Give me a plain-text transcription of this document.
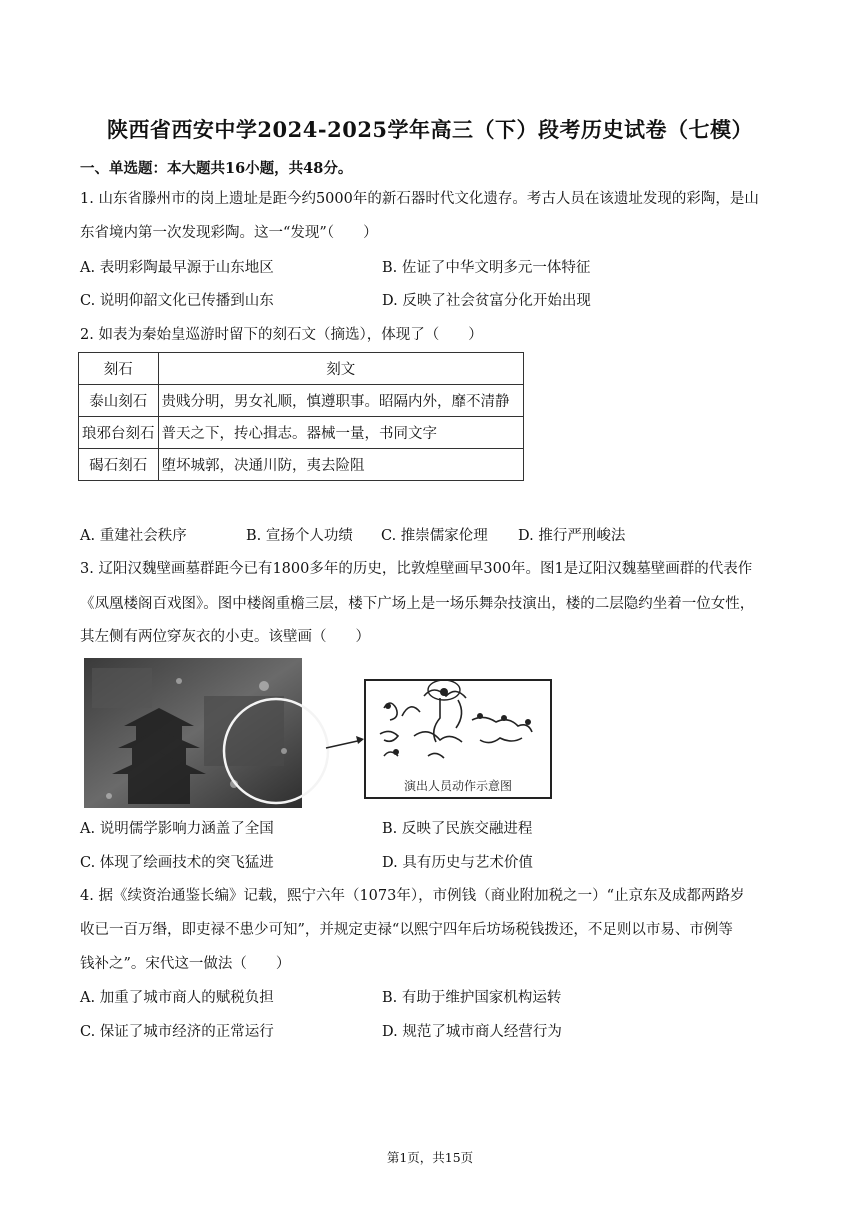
陕西省西安中学2024-2025学年高三（下）段考历史试卷（七模）
一、单选题：本大题共16小题，共48分。
1. 山东省滕州市的岗上遗址是距今约5000年的新石器时代文化遗存。考古人员在该遗址发现的彩陶，是山
东省境内第一次发现彩陶。这一“发现”（　　）
A. 表明彩陶最早源于山东地区	B. 佐证了中华文明多元一体特征
C. 说明仰韶文化已传播到山东	D. 反映了社会贫富分化开始出现
2. 如表为秦始皇巡游时留下的刻石文（摘选），体现了（　　）
刻石	刻文
泰山刻石	贵贱分明，男女礼顺，慎遵职事。昭隔内外，靡不清静
琅邪台刻石	普天之下，抟心揖志。器械一量，书同文字
碣石刻石	堕坏城郭，决通川防，夷去险阻
A. 重建社会秩序	B. 宣扬个人功绩 C. 推崇儒家伦理 D. 推行严刑峻法
3. 辽阳汉魏壁画墓群距今已有1800多年的历史，比敦煌壁画早300年。图1是辽阳汉魏墓壁画群的代表作
《凤凰楼阁百戏图》。图中楼阁重檐三层，楼下广场上是一场乐舞杂技演出，楼的二层隐约坐着一位女性，
其左侧有两位穿灰衣的小吏。该壁画（　　）
演出人员动作示意图
A. 说明儒学影响力涵盖了全国	B. 反映了民族交融进程
C. 体现了绘画技术的突飞猛进	D. 具有历史与艺术价值
4. 据《续资治通鉴长编》记载，熙宁六年（1073年），市例钱（商业附加税之一）“止京东及成都两路岁
收已一百万缗，即吏禄不患少可知”，并规定吏禄“以熙宁四年后坊场税钱拨还，不足则以市易、市例等
钱补之”。宋代这一做法（　　）
A. 加重了城市商人的赋税负担	B. 有助于维护国家机构运转
C. 保证了城市经济的正常运行	D. 规范了城市商人经营行为
第1页，共15页
